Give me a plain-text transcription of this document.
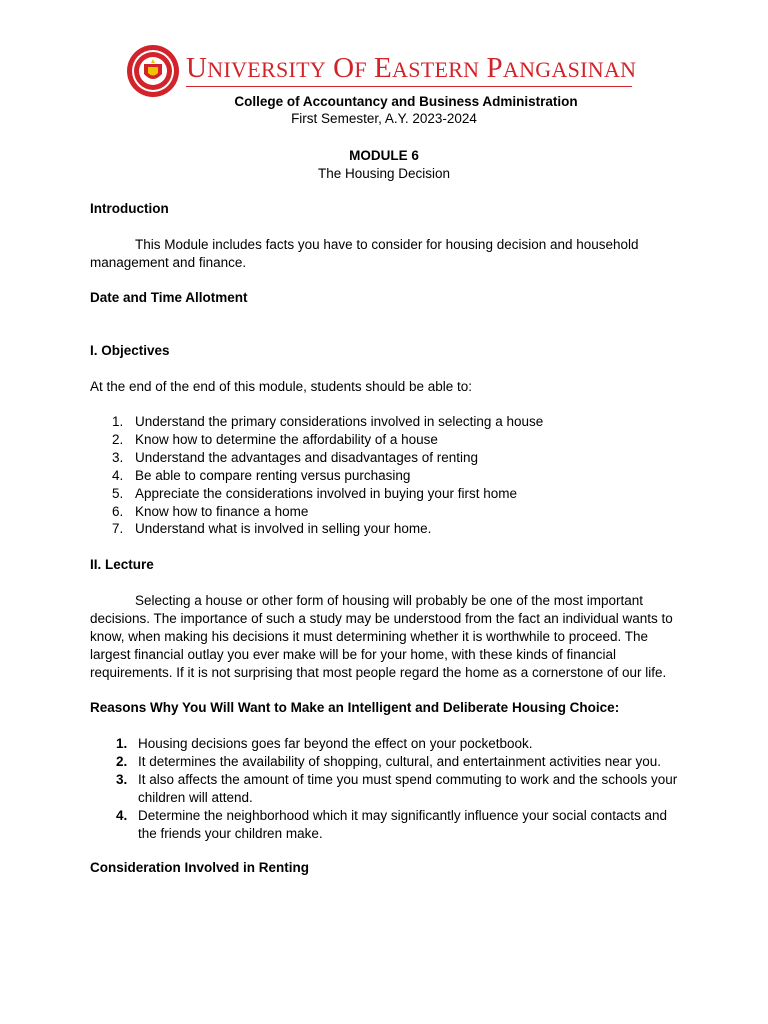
UNIVERSITY OF EASTERN PANGASINAN
College of Accountancy and Business Administration
First Semester, A.Y. 2023-2024
MODULE 6
The Housing Decision
Introduction
This Module includes facts you have to consider for housing decision and household management and finance.
Date and Time Allotment
I. Objectives
At the end of the end of this module, students should be able to:
1. Understand the primary considerations involved in selecting a house
2. Know how to determine the affordability of a house
3. Understand the advantages and disadvantages of renting
4. Be able to compare renting versus purchasing
5. Appreciate the considerations involved in buying your first home
6. Know how to finance a home
7. Understand what is involved in selling your home.
II. Lecture
Selecting a house or other form of housing will probably be one of the most important decisions. The importance of such a study may be understood from the fact an individual wants to know, when making his decisions it must determining whether it is worthwhile to proceed. The largest financial outlay you ever make will be for your home, with these kinds of financial requirements. If it is not surprising that most people regard the home as a cornerstone of our life.
Reasons Why You Will Want to Make an Intelligent and Deliberate Housing Choice:
1. Housing decisions goes far beyond the effect on your pocketbook.
2. It determines the availability of shopping, cultural, and entertainment activities near you.
3. It also affects the amount of time you must spend commuting to work and the schools your children will attend.
4. Determine the neighborhood which it may significantly influence your social contacts and the friends your children make.
Consideration Involved in Renting
